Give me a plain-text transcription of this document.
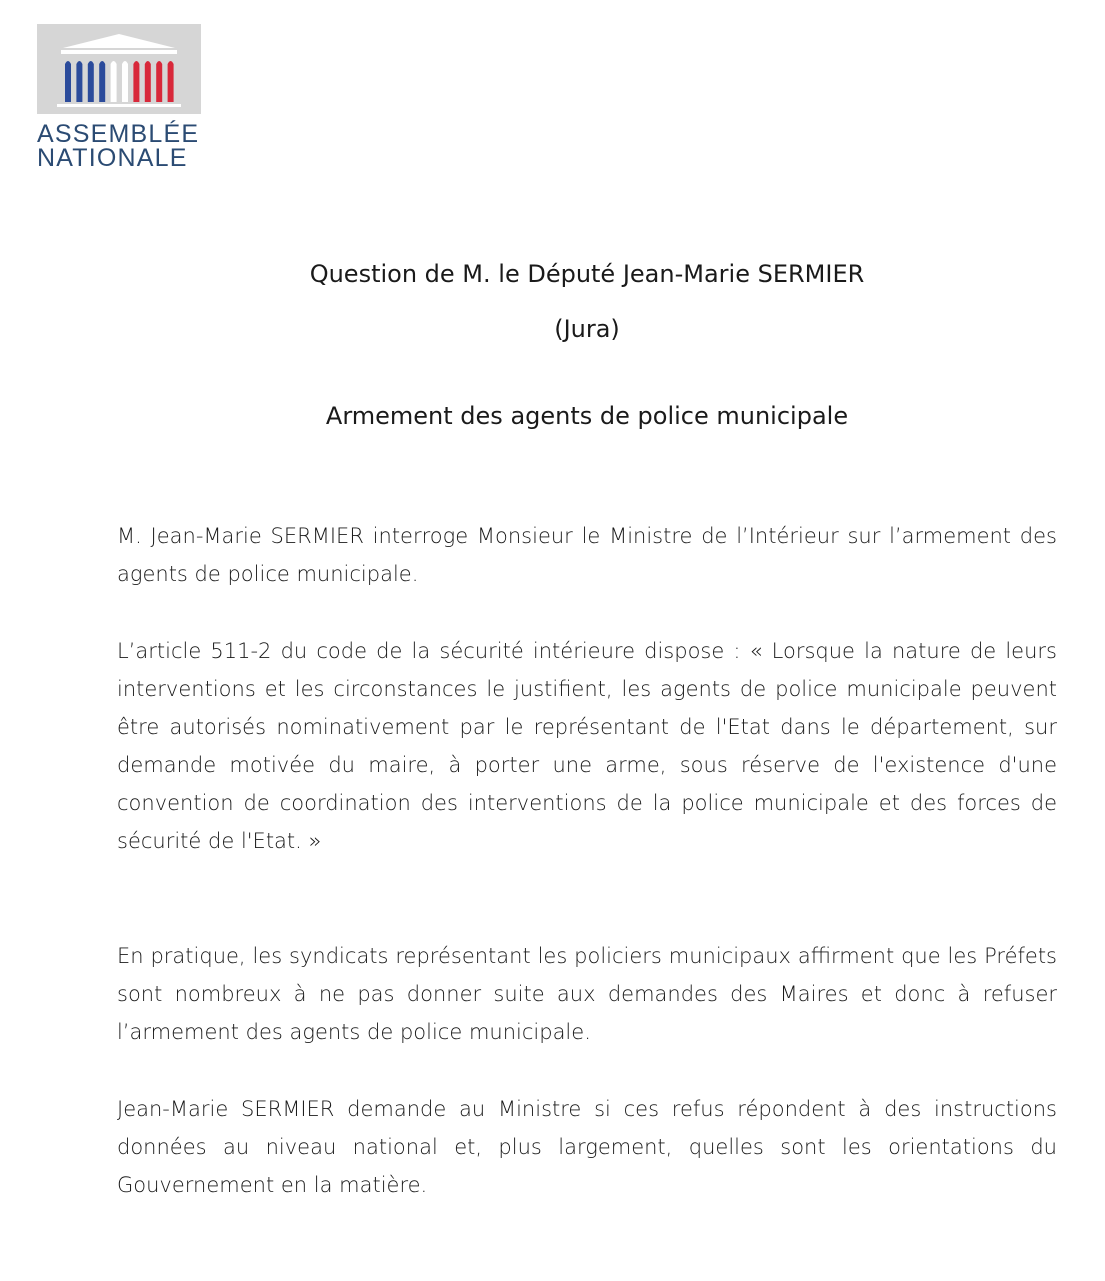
ASSEMBLÉE
NATIONALE
Question de M. le Député Jean-Marie SERMIER
(Jura)
Armement des agents de police municipale

M. Jean-Marie SERMIER interroge Monsieur le Ministre de l’Intérieur sur l’armement des agents de police municipale.

L’article 511-2 du code de la sécurité intérieure dispose : « Lorsque la nature de leurs interventions et les circonstances le justifient, les agents de police municipale peuvent être autorisés nominativement par le représentant de l'Etat dans le département, sur demande motivée du maire, à porter une arme, sous réserve de l'existence d'une convention de coordination des interventions de la police municipale et des forces de sécurité de l'Etat. »

En pratique, les syndicats représentant les policiers municipaux affirment que les Préfets sont nombreux à ne pas donner suite aux demandes des Maires et donc à refuser l’armement des agents de police municipale.

Jean-Marie SERMIER demande au Ministre si ces refus répondent à des instructions données au niveau national et, plus largement, quelles sont les orientations du Gouvernement en la matière.
